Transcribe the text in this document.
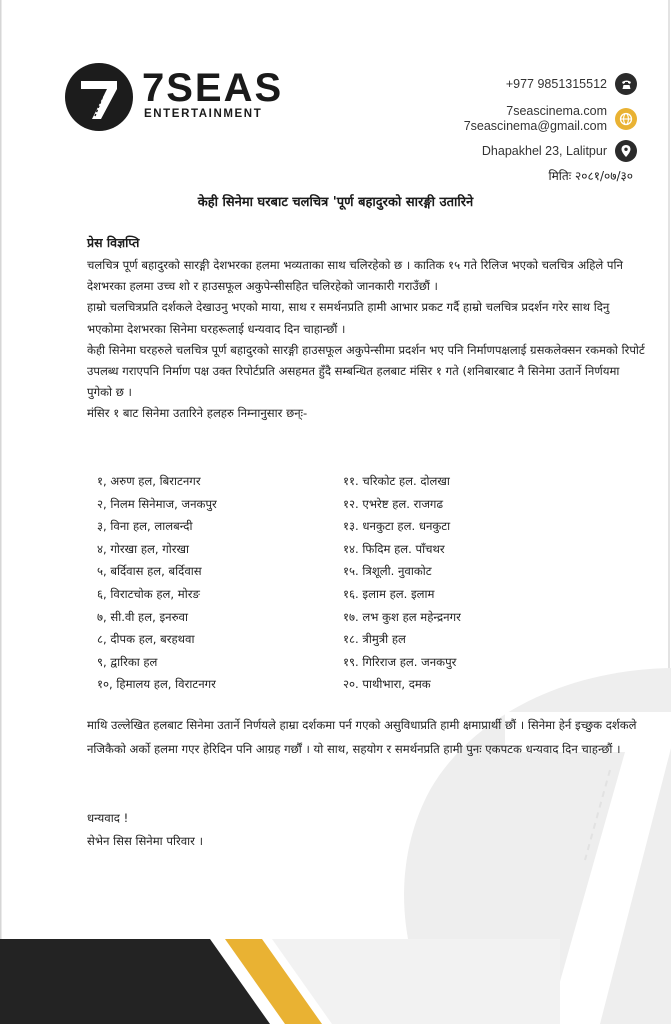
7SEAS
ENTERTAINMENT
+977 9851315512
7seascinema.com
7seascinema@gmail.com
Dhapakhel 23, Lalitpur
मितिः २०८१/०७/३०
केही सिनेमा घरबाट चलचित्र 'पूर्ण बहादुरको सारङ्गी उतारिने
प्रेस विज्ञप्ति

चलचित्र पूर्ण बहादुरको सारङ्गी देशभरका हलमा भव्यताका साथ चलिरहेको छ । कातिक १५ गते रिलिज भएको चलचित्र अहिले पनि देशभरका हलमा उच्च शो र हाउसफूल अकुपेन्सीसहित चलिरहेको जानकारी गराउँछौं ।

हाम्रो चलचित्रप्रति दर्शकले देखाउनु भएको माया, साथ र समर्थनप्रति हामी आभार प्रकट गर्दै हाम्रो चलचित्र प्रदर्शन गरेर साथ दिनु भएकोमा देशभरका सिनेमा घरहरूलाई धन्यवाद दिन चाहान्छौं ।

केही सिनेमा घरहरुले चलचित्र पूर्ण बहादुरको सारङ्गी हाउसफूल अकुपेन्सीमा प्रदर्शन भए पनि निर्माणपक्षलाई ग्रसकलेक्सन रकमको रिपोर्ट उपलब्ध गराएपनि निर्माण पक्ष उक्त रिपोर्टप्रति असहमत हुँदै सम्बन्धित हलबाट मंसिर १ गते (शनिबारबाट नै सिनेमा उतार्ने निर्णयमा पुगेको छ ।

मंसिर १ बाट सिनेमा उतारिने हलहरु निम्नानुसार छन्ः-

१, अरुण हल, बिराटनगर
२, निलम सिनेमाज, जनकपुर
३, विना हल, लालबन्दी
४, गोरखा हल, गोरखा
५, बर्दिवास हल, बर्दिवास
६, विराटचोक हल, मोरङ
७, सी.वी हल, इनरुवा
८, दीपक हल, बरहथवा
९, द्वारिका हल
१०, हिमालय हल, विराटनगर
११. चरिकोट हल. दोलखा
१२. एभरेष्ट हल. राजगढ
१३. धनकुटा हल. धनकुटा
१४. फिदिम हल. पाँचथर
१५. त्रिशूली. नुवाकोट
१६. इलाम हल. इलाम
१७. लभ कुश हल महेन्द्रनगर
१८. त्रीमुत्री हल
१९. गिरिराज हल. जनकपुर
२०. पाथीभारा, दमक

माथि उल्लेखित हलबाट सिनेमा उतार्ने निर्णयले हाम्रा दर्शकमा पर्न गएको असुविधाप्रति हामी क्षमाप्रार्थी छौं । सिनेमा हेर्न इच्छुक दर्शकले नजिकैको अर्को हलमा गएर हेरिदिन पनि आग्रह गर्छौं । यो साथ, सहयोग र समर्थनप्रति हामी पुनः एकपटक धन्यवाद दिन चाहन्छौं ।

धन्यवाद !
सेभेन सिस सिनेमा परिवार ।
